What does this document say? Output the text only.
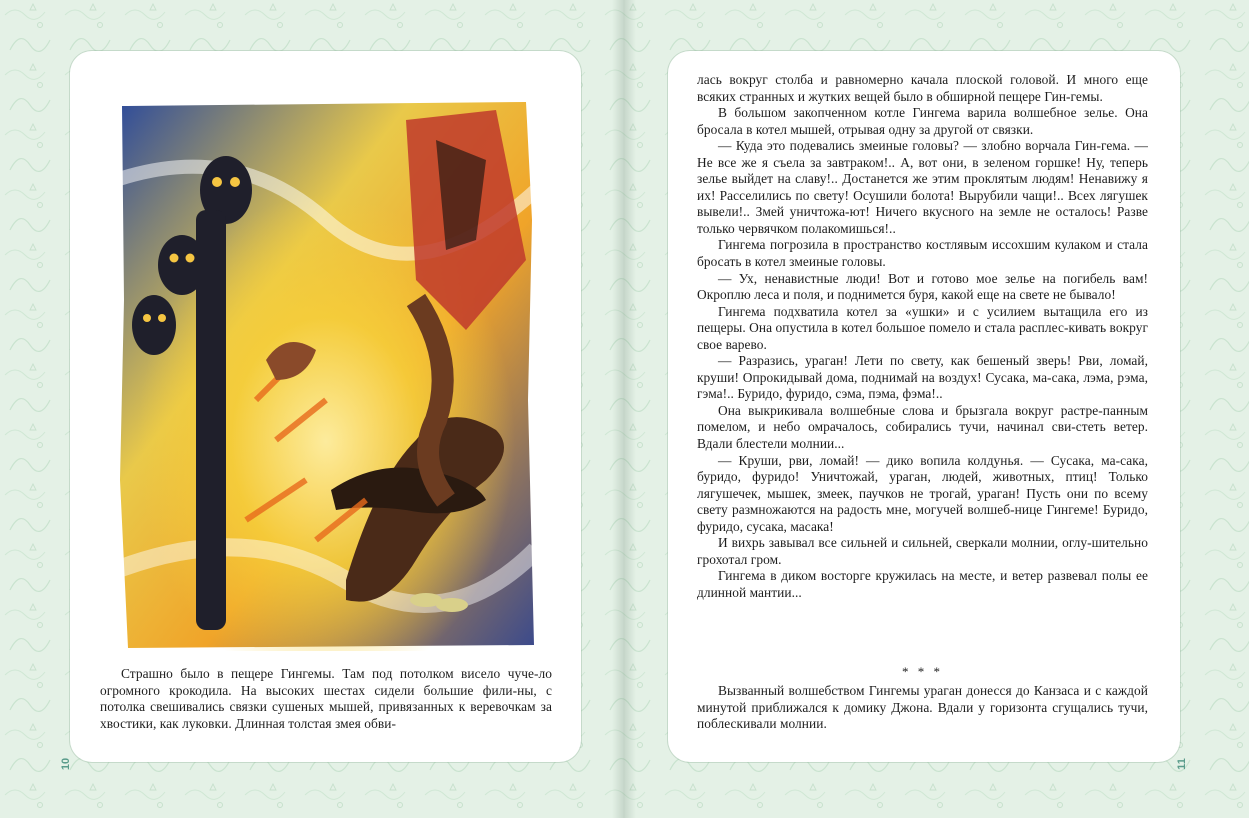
Страшно было в пещере Гингемы. Там под потолком висело чуче-ло огромного крокодила. На высоких шестах сидели большие фили-ны, с потолка свешивались связки сушеных мышей, привязанных к веревочкам за хвостики, как луковки. Длинная толстая змея обви-

лась вокруг столба и равномерно качала плоской головой. И много еще всяких странных и жутких вещей было в обширной пещере Гин-гемы.

В большом закопченном котле Гингема варила волшебное зелье. Она бросала в котел мышей, отрывая одну за другой от связки.

— Куда это подевались змеиные головы? — злобно ворчала Гин-гема. — Не все же я съела за завтраком!.. А, вот они, в зеленом горшке! Ну, теперь зелье выйдет на славу!.. Достанется же этим проклятым людям! Ненавижу я их! Расселились по свету! Осушили болота! Вырубили чащи!.. Всех лягушек вывели!.. Змей уничтожа-ют! Ничего вкусного на земле не осталось! Разве только червячком полакомишься!..

Гингема погрозила в пространство костлявым иссохшим кулаком и стала бросать в котел змеиные головы.

— Ух, ненавистные люди! Вот и готово мое зелье на погибель вам! Окроплю леса и поля, и поднимется буря, какой еще на свете не бывало!

Гингема подхватила котел за «ушки» и с усилием вытащила его из пещеры. Она опустила в котел большое помело и стала расплес-кивать вокруг свое варево.

— Разразись, ураган! Лети по свету, как бешеный зверь! Рви, ломай, круши! Опрокидывай дома, поднимай на воздух! Сусака, ма-сака, лэма, рэма, гэма!.. Буридо, фуридо, сэма, пэма, фэма!..

Она выкрикивала волшебные слова и брызгала вокруг растре-панным помелом, и небо омрачалось, собирались тучи, начинал сви-стеть ветер. Вдали блестели молнии...

— Круши, рви, ломай! — дико вопила колдунья. — Сусака, ма-сака, буридо, фуридо! Уничтожай, ураган, людей, животных, птиц! Только лягушечек, мышек, змеек, паучков не трогай, ураган! Пусть они по всему свету размножаются на радость мне, могучей волшеб-нице Гингеме! Буридо, фуридо, сусака, масака!

И вихрь завывал все сильней и сильней, сверкали молнии, оглу-шительно грохотал гром.

Гингема в диком восторге кружилась на месте, и ветер развевал полы ее длинной мантии...

* * *

Вызванный волшебством Гингемы ураган донесся до Канзаса и с каждой минутой приближался к домику Джона. Вдали у горизонта сгущались тучи, поблескивали молнии.

10	11
